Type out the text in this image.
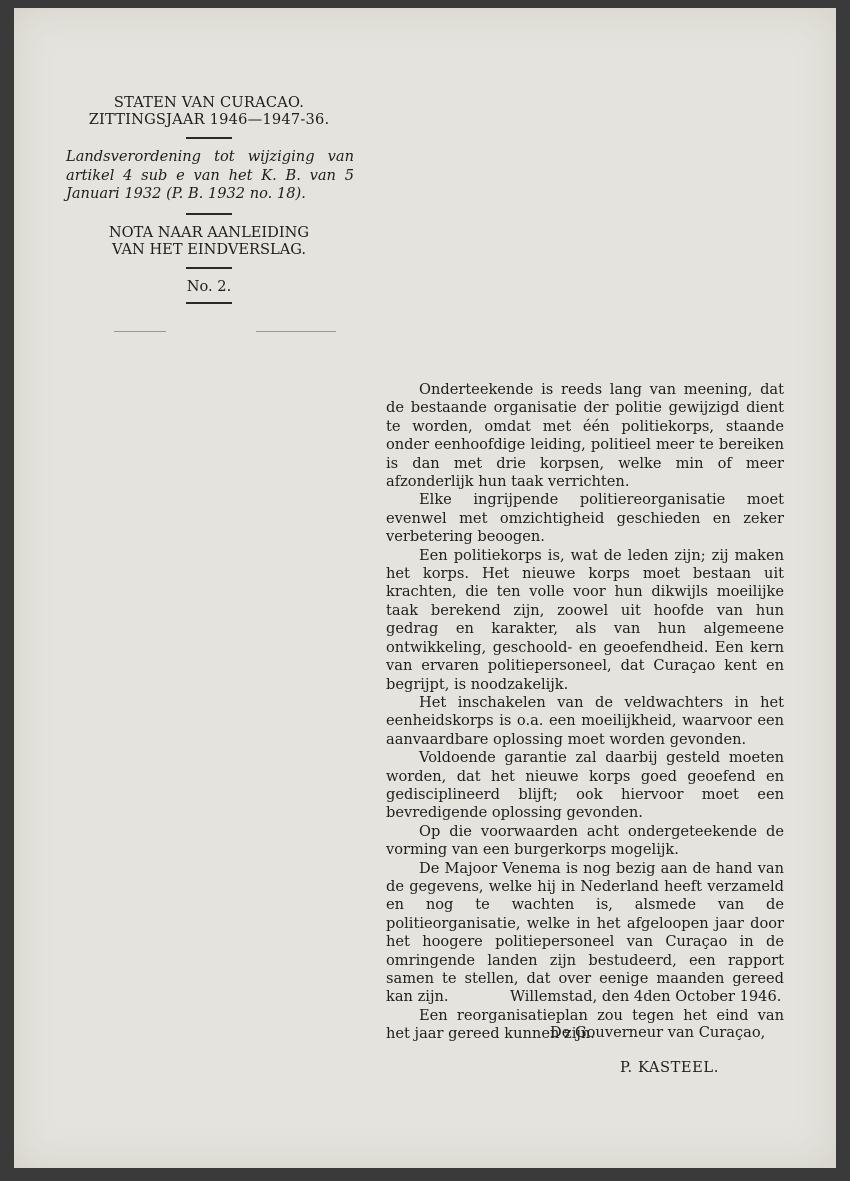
STATEN VAN CURACAO.
ZITTINGSJAAR 1946—1947-36.
Landsverordening tot wijziging van artikel 4 sub e van het K. B. van 5 Januari 1932 (P. B. 1932 no. 18).
NOTA NAAR AANLEIDING
VAN HET EINDVERSLAG.
No. 2.

Onderteekende is reeds lang van meening, dat de bestaande organisatie der politie gewijzigd dient te worden, omdat met één politiekorps, staande onder eenhoofdige leiding, politieel meer te bereiken is dan met drie korpsen, welke min of meer afzonderlijk hun taak verrichten.

Elke ingrijpende politiereorganisatie moet evenwel met omzichtigheid geschieden en zeker verbetering beoogen.

Een politiekorps is, wat de leden zijn; zij maken het korps. Het nieuwe korps moet bestaan uit krachten, die ten volle voor hun dikwijls moeilijke taak berekend zijn, zoowel uit hoofde van hun gedrag en karakter, als van hun algemeene ontwikkeling, geschoold- en geoefendheid. Een kern van ervaren politiepersoneel, dat Curaçao kent en begrijpt, is noodzakelijk.

Het inschakelen van de veldwachters in het eenheidskorps is o.a. een moeilijkheid, waarvoor een aanvaardbare oplossing moet worden gevonden.

Voldoende garantie zal daarbij gesteld moeten worden, dat het nieuwe korps goed geoefend en gedisciplineerd blijft; ook hiervoor moet een bevredigende oplossing gevonden.

Op die voorwaarden acht ondergeteekende de vorming van een burgerkorps mogelijk.

De Majoor Venema is nog bezig aan de hand van de gegevens, welke hij in Nederland heeft verzameld en nog te wachten is, alsmede van de politieorganisatie, welke in het afgeloopen jaar door het hoogere politiepersoneel van Curaçao in de omringende landen zijn bestudeerd, een rapport samen te stellen, dat over eenige maanden gereed kan zijn.

Een reorganisatieplan zou tegen het eind van het jaar gereed kunnen zijn.

Willemstad, den 4den October 1946.
De Gouverneur van Curaçao,
P. KASTEEL.
